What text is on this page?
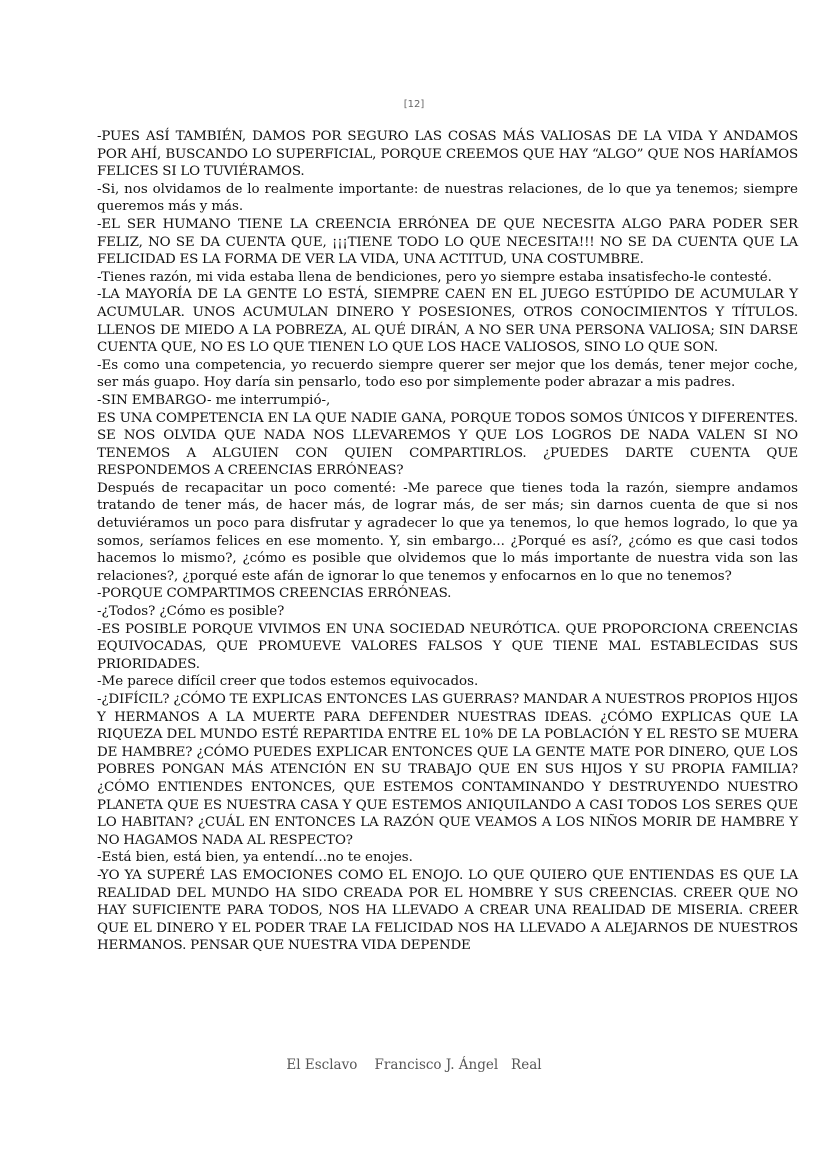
[12]

-PUES ASÍ TAMBIÉN, DAMOS POR SEGURO LAS COSAS MÁS VALIOSAS DE LA VIDA Y ANDAMOS POR AHÍ, BUSCANDO LO SUPERFICIAL, PORQUE CREEMOS QUE HAY “ALGO” QUE NOS HARÍAMOS FELICES SI LO TUVIÉRAMOS.

-Si, nos olvidamos de lo realmente importante: de nuestras relaciones, de lo que ya tenemos; siempre queremos más y más.

-EL SER HUMANO TIENE LA CREENCIA ERRÓNEA DE QUE NECESITA ALGO PARA PODER SER FELIZ, NO SE DA CUENTA QUE, ¡¡¡TIENE TODO LO QUE NECESITA!!! NO SE DA CUENTA QUE LA FELICIDAD ES LA FORMA DE VER LA VIDA, UNA ACTITUD, UNA COSTUMBRE.

-Tienes razón, mi vida estaba llena de bendiciones, pero yo siempre estaba insatisfecho-le contesté.

-LA MAYORÍA DE LA GENTE LO ESTÁ, SIEMPRE CAEN EN EL JUEGO ESTÚPIDO DE ACUMULAR Y ACUMULAR. UNOS ACUMULAN DINERO Y POSESIONES, OTROS CONOCIMIENTOS Y TÍTULOS. LLENOS DE MIEDO A LA POBREZA, AL QUÉ DIRÁN, A NO SER UNA PERSONA VALIOSA; SIN DARSE CUENTA QUE, NO ES LO QUE TIENEN LO QUE LOS HACE VALIOSOS, SINO LO QUE SON.

-Es como una competencia, yo recuerdo siempre querer ser mejor que los demás, tener mejor coche, ser más guapo. Hoy daría sin pensarlo, todo eso por simplemente poder abrazar a mis padres.

-SIN EMBARGO- me interrumpió-,

ES UNA COMPETENCIA EN LA QUE NADIE GANA, PORQUE TODOS SOMOS ÚNICOS Y DIFERENTES. SE NOS OLVIDA QUE NADA NOS LLEVAREMOS Y QUE LOS LOGROS DE NADA VALEN SI NO TENEMOS A ALGUIEN CON QUIEN COMPARTIRLOS. ¿PUEDES DARTE CUENTA QUE RESPONDEMOS A CREENCIAS ERRÓNEAS?

Después de recapacitar un poco comenté: -Me parece que tienes toda la razón, siempre andamos tratando de tener más, de hacer más, de lograr más, de ser más; sin darnos cuenta de que si nos detuviéramos un poco para disfrutar y agradecer lo que ya tenemos, lo que hemos logrado, lo que ya somos, seríamos felices en ese momento. Y, sin embargo... ¿Porqué es así?, ¿cómo es que casi todos hacemos lo mismo?, ¿cómo es posible que olvidemos que lo más importante de nuestra vida son las relaciones?, ¿porqué este afán de ignorar lo que tenemos y enfocarnos en lo que no tenemos?

-PORQUE COMPARTIMOS CREENCIAS ERRÓNEAS.

-¿Todos? ¿Cómo es posible?

-ES POSIBLE PORQUE VIVIMOS EN UNA SOCIEDAD NEURÓTICA. QUE PROPORCIONA CREENCIAS EQUIVOCADAS, QUE PROMUEVE VALORES FALSOS Y QUE TIENE MAL ESTABLECIDAS SUS PRIORIDADES.

-Me parece difícil creer que todos estemos equivocados.

-¿DIFÍCIL? ¿CÓMO TE EXPLICAS ENTONCES LAS GUERRAS? MANDAR A NUESTROS PROPIOS HIJOS Y HERMANOS A LA MUERTE PARA DEFENDER NUESTRAS IDEAS. ¿CÓMO EXPLICAS QUE LA RIQUEZA DEL MUNDO ESTÉ REPARTIDA ENTRE EL 10% DE LA POBLACIÓN Y EL RESTO SE MUERA DE HAMBRE? ¿CÓMO PUEDES EXPLICAR ENTONCES QUE LA GENTE MATE POR DINERO, QUE LOS POBRES PONGAN MÁS ATENCIÓN EN SU TRABAJO QUE EN SUS HIJOS Y SU PROPIA FAMILIA? ¿CÓMO ENTIENDES ENTONCES, QUE ESTEMOS CONTAMINANDO Y DESTRUYENDO NUESTRO PLANETA QUE ES NUESTRA CASA Y QUE ESTEMOS ANIQUILANDO A CASI TODOS LOS SERES QUE LO HABITAN? ¿CUÁL EN ENTONCES LA RAZÓN QUE VEAMOS A LOS NIÑOS MORIR DE HAMBRE Y NO HAGAMOS NADA AL RESPECTO?

-Está bien, está bien, ya entendí...no te enojes.

-YO YA SUPERÉ LAS EMOCIONES COMO EL ENOJO. LO QUE QUIERO QUE ENTIENDAS ES QUE LA REALIDAD DEL MUNDO HA SIDO CREADA POR EL HOMBRE Y SUS CREENCIAS. CREER QUE NO HAY SUFICIENTE PARA TODOS, NOS HA LLEVADO A CREAR UNA REALIDAD DE MISERIA. CREER QUE EL DINERO Y EL PODER TRAE LA FELICIDAD NOS HA LLEVADO A ALEJARNOS DE NUESTROS HERMANOS. PENSAR QUE NUESTRA VIDA DEPENDE

El Esclavo    Francisco J. Ángel   Real
